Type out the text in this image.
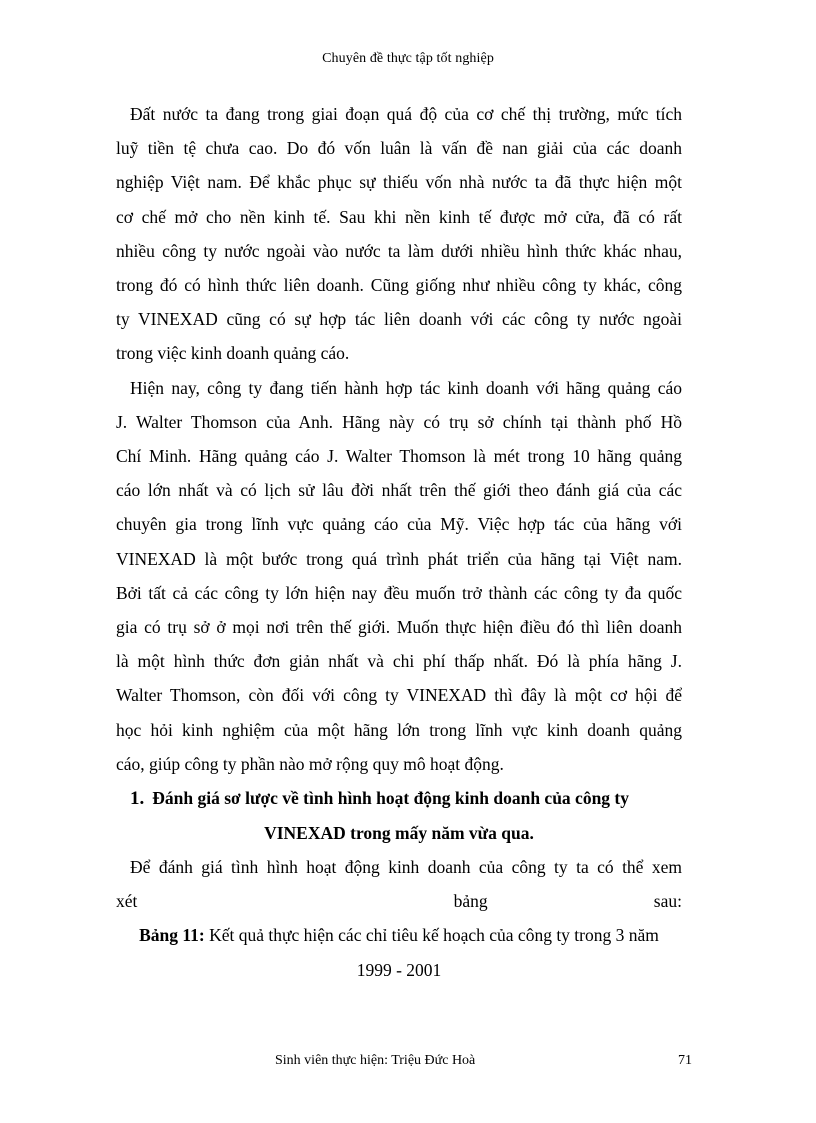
Chuyên đề thực tập tốt nghiệp
Đất nước ta đang trong giai đoạn quá độ của cơ chế thị trường, mức tích
luỹ tiền tệ chưa cao. Do đó vốn luân là vấn đề nan giải của các doanh
nghiệp Việt nam. Để khắc phục sự thiếu vốn nhà nước ta đã thực hiện một
cơ chế mở cho nền kinh tế. Sau khi nền kinh tế được mở cửa, đã có rất
nhiều công ty nước ngoài vào nước ta làm dưới nhiều hình thức khác nhau,
trong đó có hình thức liên doanh. Cũng giống như nhiều công ty khác, công
ty VINEXAD cũng có sự hợp tác liên doanh với các công ty nước ngoài
trong việc kinh doanh quảng cáo.
Hiện nay, công ty đang tiến hành hợp tác kinh doanh với hãng quảng cáo
J. Walter Thomson của Anh. Hãng này có trụ sở chính tại thành phố Hồ
Chí Minh. Hãng quảng cáo J. Walter Thomson là mét trong 10 hãng quảng
cáo lớn nhất và có lịch sử lâu đời nhất trên thế giới theo đánh giá của các
chuyên gia trong lĩnh vực quảng cáo của Mỹ. Việc hợp tác của hãng với
VINEXAD là một bước trong quá trình phát triển của hãng tại Việt nam.
Bởi tất cả các công ty lớn hiện nay đều muốn trở thành các công ty đa quốc
gia có trụ sở ở mọi nơi trên thế giới. Muốn thực hiện điều đó thì liên doanh
là một hình thức đơn giản nhất và chi phí thấp nhất. Đó là phía hãng J.
Walter Thomson, còn đối với công ty VINEXAD thì đây là một cơ hội để
học hỏi kinh nghiệm của một hãng lớn trong lĩnh vực kinh doanh quảng
cáo, giúp công ty phần nào mở rộng quy mô hoạt động.
1. Đánh giá sơ lược về tình hình hoạt động kinh doanh của công ty
VINEXAD trong mấy năm vừa qua.
Để đánh giá tình hình hoạt động kinh doanh của công ty ta có thể xem
xét	bảng	sau:
Bảng 11: Kết quả thực hiện các chỉ tiêu kế hoạch của công ty trong 3 năm
1999 - 2001
Sinh viên thực hiện: Triệu Đức Hoà	71
